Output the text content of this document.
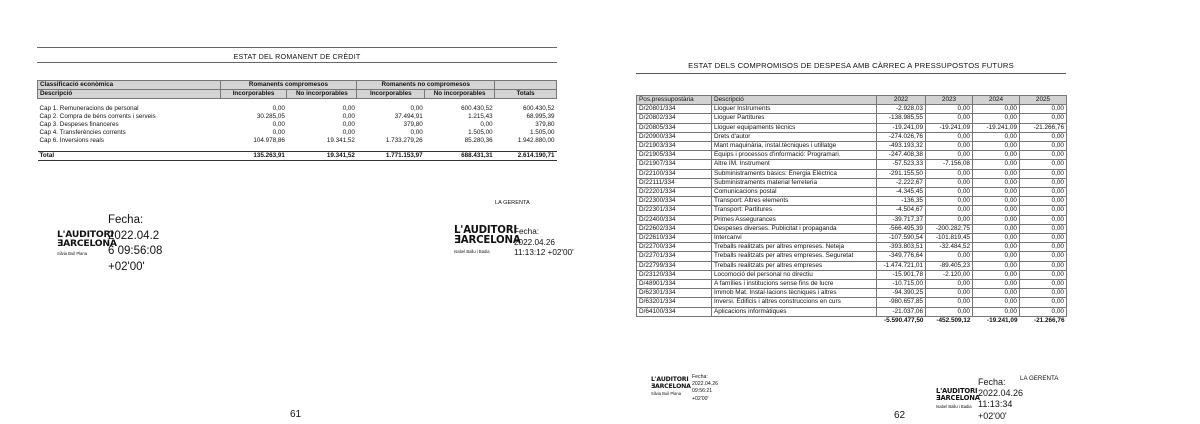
ESTAT DEL ROMANENT DE CRÈDIT
Classificació econòmica	Romanents compromesos		Romanents no compromesos		
Descripció	Incorporables	No incorporables	Incorporables	No incorporables	Totals

Cap 1. Remuneracions de personal	0,00	0,00	0,00	600.430,52	600.430,52
Cap 2. Compra de béns corrents i serveis	30.285,05	0,00	37.494,91	1.215,43	68.995,39
Cap 3. Despeses financeres	0,00	0,00	379,80	0,00	379,80
Cap 4. Transferències corrents	0,00	0,00	0,00	1.505,00	1.505,00
Cap 6. Inversions reals	104.978,86	19.341,52	1.733.279,26	85.280,36	1.942.880,00

Total	135.263,91	19.341,52	1.771.153,97	688.431,31	2.614.190,71
LA GERENTA
L'AUDITORI
ƎARCELONA
Silvia Buil Plana
Fecha:
2022.04.2
6 09:56:08
+02'00'
L'AUDITORI
ƎARCELONA
Isabel Ballu i Badia
Fecha:
2022.04.26
11:13:12 +02'00'
61
ESTAT DELS COMPROMISOS DE DESPESA AMB CÀRREC A PRESSUPOSTOS FUTURS
Pos.pressupostària	Descripció	2022	2023	2024	2025
D/20801/334	Lloguer Instruments	-2.928,03	0,00	0,00	0,00
D/20802/334	Lloguer Partitures	-138.985,55	0,00	0,00	0,00
D/20805/334	Lloguer equipaments tècnics	-19.241,09	-19.241,09	-19.241,09	-21.266,76
D/20900/334	Drets d'autor	-274.026,76	0,00	0,00	0,00
D/21903/334	Mant maquinària, instal.tècniques i utillatge	-493.193,32	0,00	0,00	0,00
D/21905/334	Equips i processos d'informació: Programari.	-247.408,38	0,00	0,00	0,00
D/21907/334	Altre IM. Instrument	-57.523,33	-7.156,08	0,00	0,00
D/22100/334	Subministraments bàsics: Energia Elèctrica	-291.155,50	0,00	0,00	0,00
D/22111/334	Subministraments material ferreteria	-2.222,67	0,00	0,00	0,00
D/22201/334	Comunicacions postal	-4.345,45	0,00	0,00	0,00
D/22300/334	Transport: Altres elements	-136,35	0,00	0,00	0,00
D/22301/334	Transport: Partitures	-4.504,67	0,00	0,00	0,00
D/22400/334	Primes Assegurances	-39.717,37	0,00	0,00	0,00
D/22602/334	Despeses diverses. Publicitat i propaganda	-566.495,39	-200.282,75	0,00	0,00
D/22610/334	Intercanvi	-107.590,54	-101.819,45	0,00	0,00
D/22700/334	Treballs realitzats per altres empreses. Neteja	-393.803,51	-32.484,52	0,00	0,00
D/22701/334	Treballs realitzats per altres empreses. Seguretat	-349.776,64	0,00	0,00	0,00
D/22799/334	Treballs realitzats per altres empreses	-1.474.721,01	-89.405,23	0,00	0,00
D/23120/334	Locomoció del personal no directiu	-15.901,78	-2.120,00	0,00	0,00
D/48901/334	A famílies i institucions sense fins de lucre	-10.715,00	0,00	0,00	0,00
D/62301/334	Immob Mat. Instal·lacions tècniques i altres	-94.390,25	0,00	0,00	0,00
D/63201/334	Inversi. Edificis i altres construccions en curs	-980.657,85	0,00	0,00	0,00
D/64100/334	Aplicacions informàtiques	-21.037,06	0,00	0,00	0,00
		-5.590.477,50	-452.509,12	-19.241,09	-21.266,76
L'AUDITORI
ƎARCELONA
Silvia Buil Plana
Fecha:
2022.04.26
09:56:21
+02'00'
LA GERENTA
L'AUDITORI
ƎARCELONA
Isabel Ballu i Badia
Fecha:
2022.04.26
11:13:34
+02'00'
62
